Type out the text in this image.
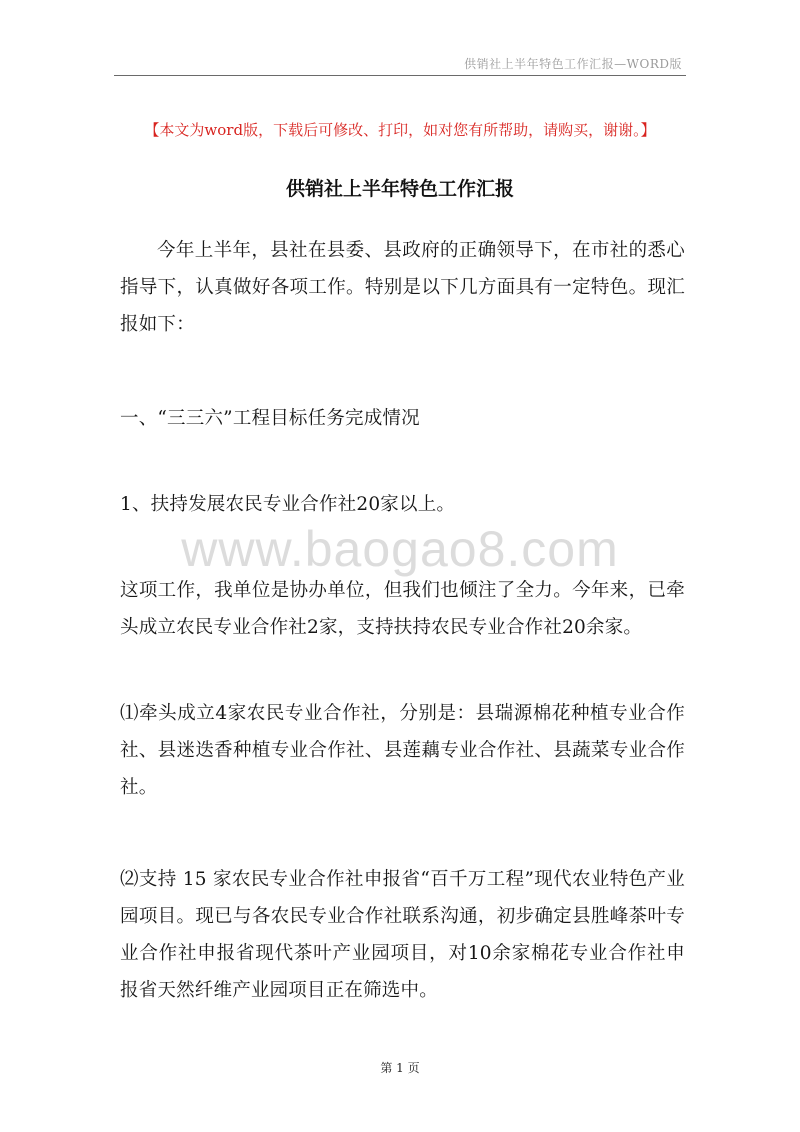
供销社上半年特色工作汇报—WORD版
【本文为word版，下载后可修改、打印，如对您有所帮助，请购买，谢谢。】
供销社上半年特色工作汇报

今年上半年，县社在县委、县政府的正确领导下，在市社的悉心指导下，认真做好各项工作。特别是以下几方面具有一定特色。现汇报如下：

一、“三三六”工程目标任务完成情况

1、扶持发展农民专业合作社20家以上。

www.baogao8.com

这项工作，我单位是协办单位，但我们也倾注了全力。今年来，已牵头成立农民专业合作社2家，支持扶持农民专业合作社20余家。

⑴牵头成立4家农民专业合作社，分别是：县瑞源棉花种植专业合作社、县迷迭香种植专业合作社、县莲藕专业合作社、县蔬菜专业合作社。

⑵支持 15 家农民专业合作社申报省“百千万工程”现代农业特色产业园项目。现已与各农民专业合作社联系沟通，初步确定县胜峰茶叶专业合作社申报省现代茶叶产业园项目，对10余家棉花专业合作社申报省天然纤维产业园项目正在筛选中。

第 1 页
